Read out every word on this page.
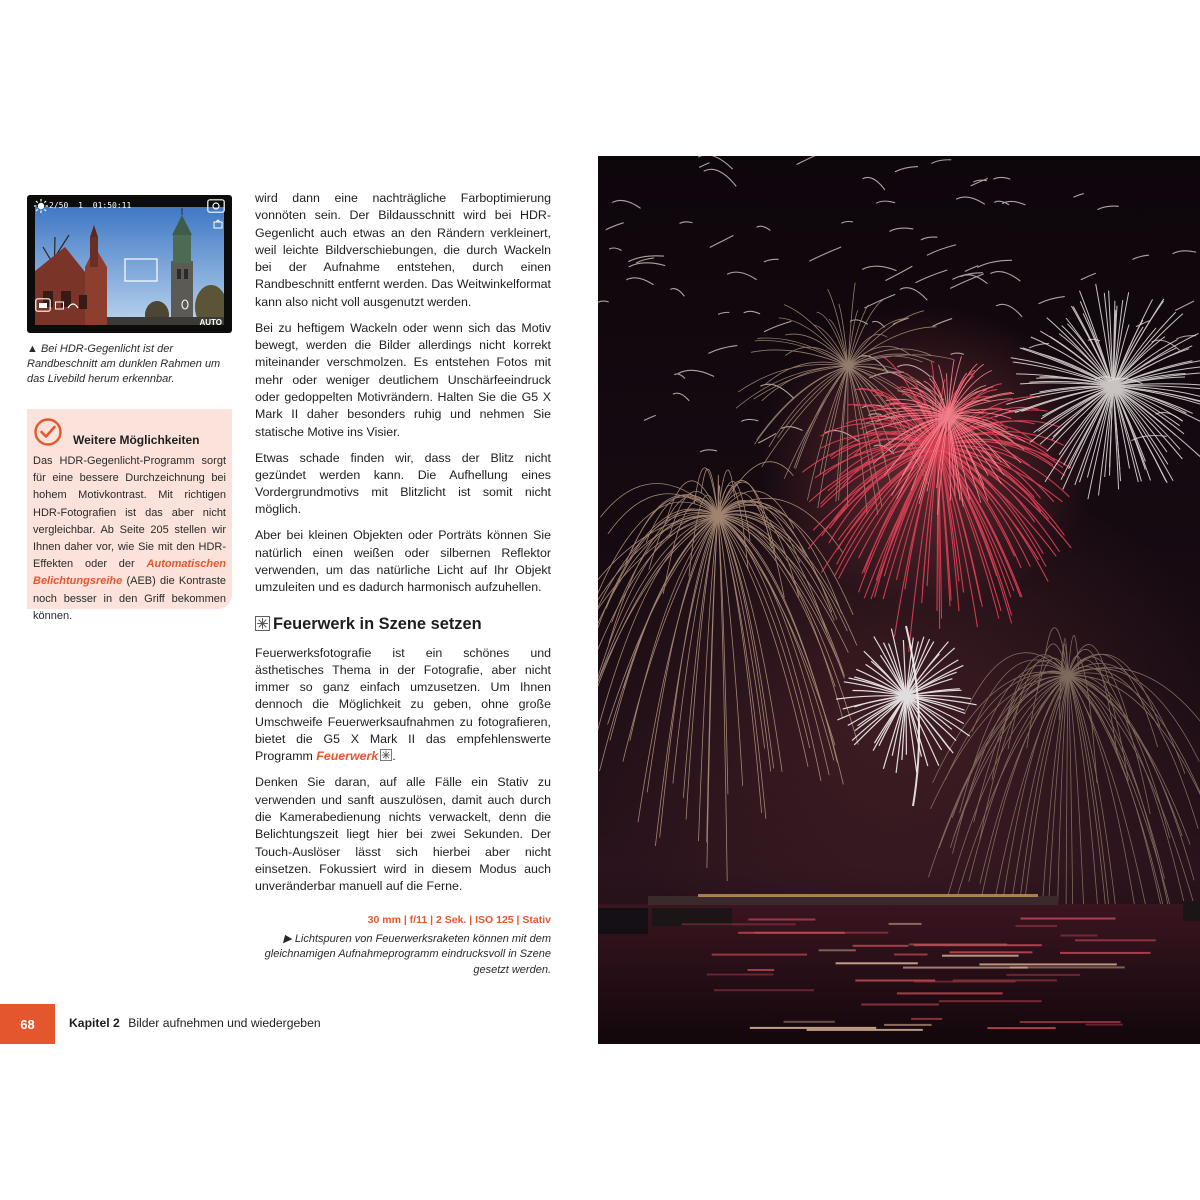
2/50 1 01:50:11
AUTO
▲ Bei HDR-Gegenlicht ist der Randbeschnitt am dunklen Rahmen um das Livebild herum erkennbar.
Weitere Möglichkeiten
Das HDR-Gegenlicht-Programm sorgt für eine bessere Durchzeichnung bei hohem Motivkontrast. Mit richtigen HDR-Fotografien ist das aber nicht vergleichbar. Ab Seite 205 stellen wir Ihnen daher vor, wie Sie mit den HDR-Effekten oder der Automatischen Belichtungsreihe (AEB) die Kontraste noch besser in den Griff bekommen können.

wird dann eine nachträgliche Farboptimierung vonnöten sein. Der Bildausschnitt wird bei HDR-Gegenlicht auch etwas an den Rändern verkleinert, weil leichte Bildverschiebungen, die durch Wackeln bei der Aufnahme entstehen, durch einen Randbeschnitt entfernt werden. Das Weitwinkelformat kann also nicht voll ausgenutzt werden.

Bei zu heftigem Wackeln oder wenn sich das Motiv bewegt, werden die Bilder allerdings nicht korrekt miteinander verschmolzen. Es entstehen Fotos mit mehr oder weniger deutlichem Unschärfeeindruck oder gedoppelten Motivrändern. Halten Sie die G5 X Mark II daher besonders ruhig und nehmen Sie statische Motive ins Visier.

Etwas schade finden wir, dass der Blitz nicht gezündet werden kann. Die Aufhellung eines Vordergrundmotivs mit Blitzlicht ist somit nicht möglich.

Aber bei kleinen Objekten oder Porträts können Sie natürlich einen weißen oder silbernen Reflektor verwenden, um das natürliche Licht auf Ihr Objekt umzuleiten und es dadurch harmonisch aufzuhellen.

Feuerwerk in Szene setzen

Feuerwerksfotografie ist ein schönes und ästhetisches Thema in der Fotografie, aber nicht immer so ganz einfach umzusetzen. Um Ihnen dennoch die Möglichkeit zu geben, ohne große Umschweife Feuerwerksaufnahmen zu fotografieren, bietet die G5 X Mark II das empfehlenswerte Programm Feuerwerk .

Denken Sie daran, auf alle Fälle ein Stativ zu verwenden und sanft auszulösen, damit auch durch die Kamerabedienung nichts verwackelt, denn die Belichtungszeit liegt hier bei zwei Sekunden. Der Touch-Auslöser lässt sich hierbei aber nicht einsetzen. Fokussiert wird in diesem Modus auch unveränderbar manuell auf die Ferne.

30 mm | f/11 | 2 Sek. | ISO 125 | Stativ
▶ Lichtspuren von Feuerwerksraketen können mit dem gleichnamigen Aufnahmeprogramm eindrucksvoll in Szene gesetzt werden.
68	Kapitel 2 Bilder aufnehmen und wiedergeben
